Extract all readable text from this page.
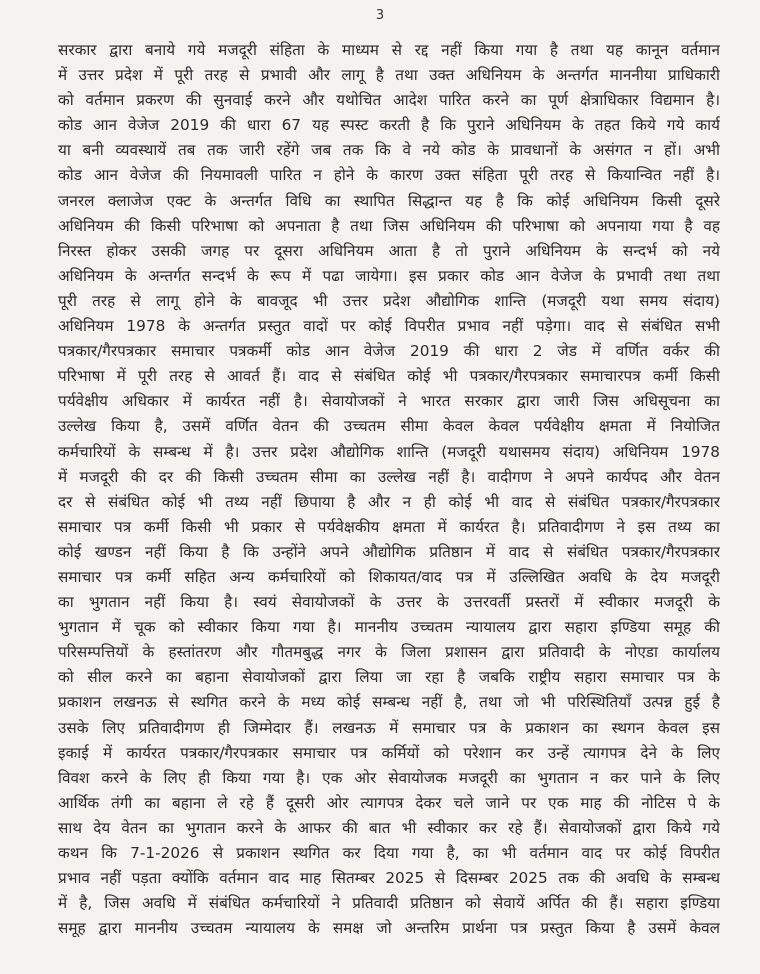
3
सरकार द्वारा बनाये गये मजदूरी संहिता के माध्यम से रद्द नहीं किया गया है तथा यह कानून वर्तमान
में उत्तर प्रदेश में पूरी तरह से प्रभावी और लागू है तथा उक्त अधिनियम के अन्तर्गत माननीया प्राधिकारी
को वर्तमान प्रकरण की सुनवाई करने और यथोचित आदेश पारित करने का पूर्ण क्षेत्राधिकार विद्यमान है।
कोड आन वेजेज 2019 की धारा 67 यह स्पस्ट करती है कि पुराने अधिनियम के तहत किये गये कार्य
या बनी व्यवस्थायें तब तक जारी रहेंगे जब तक कि वे नये कोड के प्रावधानों के असंगत न हों। अभी
कोड आन वेजेज की नियमावली पारित न होने के कारण उक्त संहिता पूरी तरह से कियान्वित नहीं है।
जनरल क्लाजेज एक्ट के अन्तर्गत विधि का स्थापित सिद्धान्त यह है कि कोई अधिनियम किसी दूसरे
अधिनियम की किसी परिभाषा को अपनाता है तथा जिस अधिनियम की परिभाषा को अपनाया गया है वह
निरस्त होकर उसकी जगह पर दूसरा अधिनियम आता है तो पुराने अधिनियम के सन्दर्भ को नये
अधिनियम के अन्तर्गत सन्दर्भ के रूप में पढा जायेगा। इस प्रकार कोड आन वेजेज के प्रभावी तथा तथा
पूरी तरह से लागू होने के बावजूद भी उत्तर प्रदेश औद्योगिक शान्ति (मजदूरी यथा समय संदाय)
अधिनियम 1978 के अन्तर्गत प्रस्तुत वादों पर कोई विपरीत प्रभाव नहीं पड़ेगा। वाद से संबंधित सभी
पत्रकार/गैरपत्रकार समाचार पत्रकर्मी कोड आन वेजेज 2019 की धारा 2 जेड में वर्णित वर्कर की
परिभाषा में पूरी तरह से आवर्त हैं। वाद से संबंधित कोई भी पत्रकार/गैरपत्रकार समाचारपत्र कर्मी किसी
पर्यवेक्षीय अधिकार में कार्यरत नहीं है। सेवायोजकों ने भारत सरकार द्वारा जारी जिस अधिसूचना का
उल्लेख किया है, उसमें वर्णित वेतन की उच्चतम सीमा केवल केवल पर्यवेक्षीय क्षमता में नियोजित
कर्मचारियों के सम्बन्ध में है। उत्तर प्रदेश औद्योगिक शान्ति (मजदूरी यथासमय संदाय) अधिनियम 1978
में मजदूरी की दर की किसी उच्चतम सीमा का उल्लेख नहीं है। वादीगण ने अपने कार्यपद और वेतन
दर से संबंधित कोई भी तथ्य नहीं छिपाया है और न ही कोई भी वाद से संबंधित पत्रकार/गैरपत्रकार
समाचार पत्र कर्मी किसी भी प्रकार से पर्यवेक्षकीय क्षमता में कार्यरत है। प्रतिवादीगण ने इस तथ्य का
कोई खण्डन नहीं किया है कि उन्होंने अपने औद्योगिक प्रतिष्ठान में वाद से संबंधित पत्रकार/गैरपत्रकार
समाचार पत्र कर्मी सहित अन्य कर्मचारियों को शिकायत/वाद पत्र में उल्लिखित अवधि के देय मजदूरी
का भुगतान नहीं किया है। स्वयं सेवायोजकों के उत्तर के उत्तरवर्ती प्रस्तरों में स्वीकार मजदूरी के
भुगतान में चूक को स्वीकार किया गया है। माननीय उच्चतम न्यायालय द्वारा सहारा इण्डिया समूह की
परिसम्पत्तियों के हस्तांतरण और गौतमबुद्ध नगर के जिला प्रशासन द्वारा प्रतिवादी के नोएडा कार्यालय
को सील करने का बहाना सेवायोजकों द्वारा लिया जा रहा है जबकि राष्ट्रीय सहारा समाचार पत्र के
प्रकाशन लखनऊ से स्थगित करने के मध्य कोई सम्बन्ध नहीं है, तथा जो भी परिस्थितियॉं उत्पन्न हुई है
उसके लिए प्रतिवादीगण ही जिम्मेदार हैं। लखनऊ में समाचार पत्र के प्रकाशन का स्थगन केवल इस
इकाई में कार्यरत पत्रकार/गैरपत्रकार समाचार पत्र कर्मियों को परेशान कर उन्हें त्यागपत्र देने के लिए
विवश करने के लिए ही किया गया है। एक ओर सेवायोजक मजदूरी का भुगतान न कर पाने के लिए
आर्थिक तंगी का बहाना ले रहे हैं दूसरी ओर त्यागपत्र देकर चले जाने पर एक माह की नोटिस पे के
साथ देय वेतन का भुगतान करने के आफर की बात भी स्वीकार कर रहे हैं। सेवायोजकों द्वारा किये गये
कथन कि 7-1-2026 से प्रकाशन स्थगित कर दिया गया है, का भी वर्तमान वाद पर कोई विपरीत
प्रभाव नहीं पड़ता क्योंकि वर्तमान वाद माह सितम्बर 2025 से दिसम्बर 2025 तक की अवधि के सम्बन्ध
में है, जिस अवधि में संबंधित कर्मचारियों ने प्रतिवादी प्रतिष्ठान को सेवायें अर्पित की हैं। सहारा इण्डिया
समूह द्वारा माननीय उच्चतम न्यायालय के समक्ष जो अन्तरिम प्रार्थना पत्र प्रस्तुत किया है उसमें केवल
